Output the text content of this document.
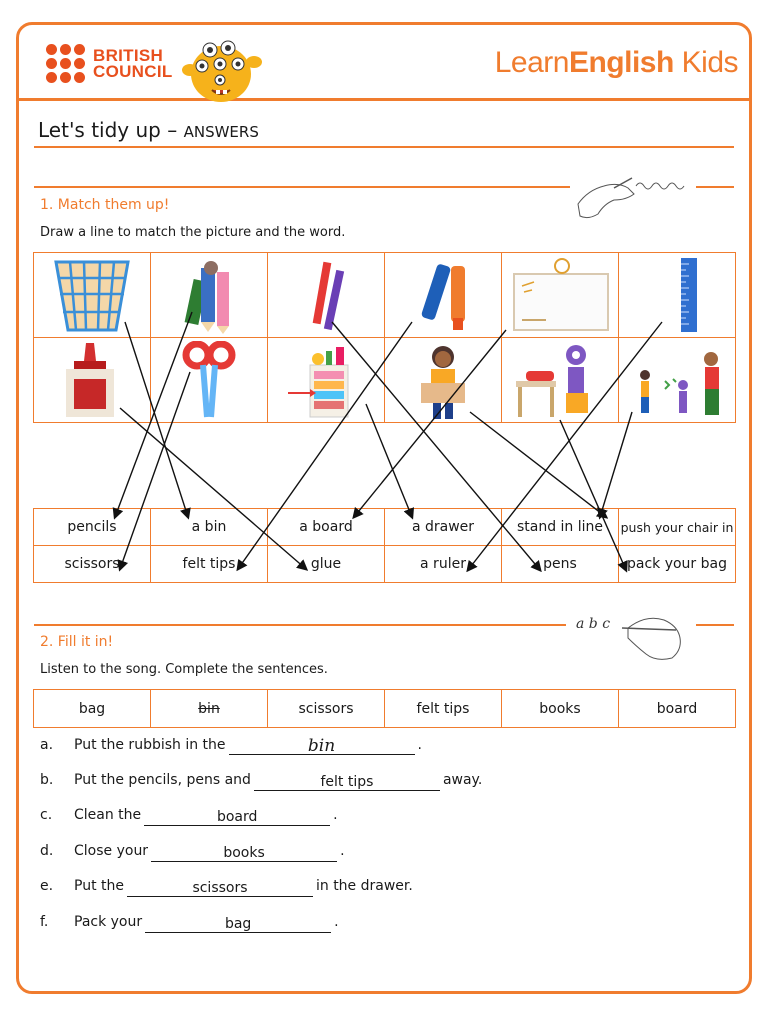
BRITISH
COUNCIL	LearnEnglish Kids
Let's tidy up – ANSWERS
1. Match them up!
Draw a line to match the picture and the word.

pencils	a bin	a board	a drawer	stand in line	push your chair in
scissors	felt tips	glue	a ruler	pens	pack your bag
a b c
2. Fill it in!
Listen to the song. Complete the sentences.
bag	bin	scissors	felt tips	books	board
a.	Put the rubbish in the	bin	.
b.	Put the pencils, pens and	felt tips	away.
c.	Clean the	board	.
d.	Close your	books	.
e.	Put the	scissors	in the drawer.
f.	Pack your	bag	.
